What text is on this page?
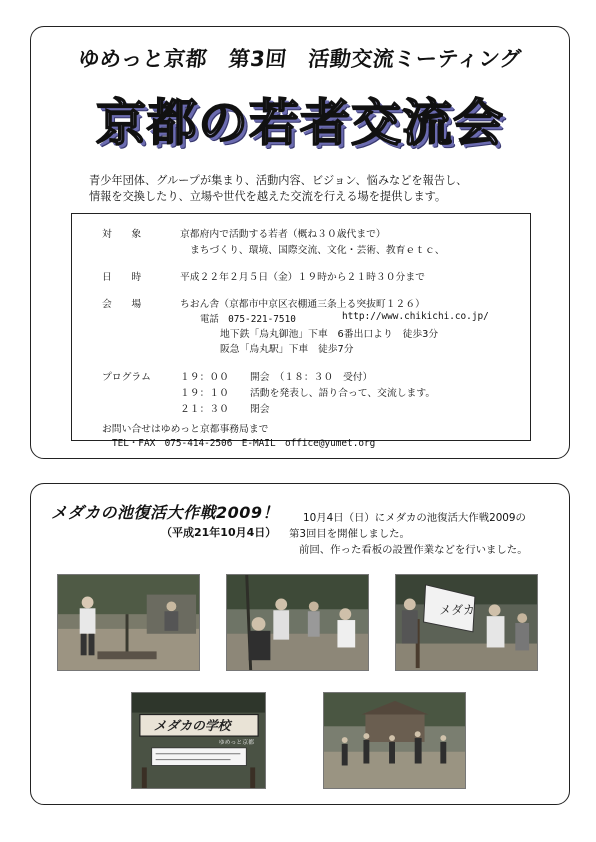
ゆめっと京都　第3回　活動交流ミーティング
京都の若者交流会
青少年団体、グループが集まり、活動内容、ビジョン、悩みなどを報告し、
情報を交換したり、立場や世代を越えた交流を行える場を提供します。
対　　象	京都府内で活動する若者（概ね３０歳代まで）
まちづくり、環境、国際交流、文化・芸術、教育ｅｔｃ、
日　　時	平成２２年２月５日（金）１９時から２１時３０分まで
会　　場	ちおん舎（京都市中京区衣棚通三条上る突抜町１２６）
電話　075-221-7510	http://www.chikichi.co.jp/
地下鉄「烏丸御池」下車　6番出口より　徒歩3分
阪急「烏丸駅」下車　徒歩7分
プログラム	１９：００ 開会　（１８：３０　受付）
１９：１０ 活動を発表し、語り合って、交流します。
２１：３０ 閉会
お問い合せはゆめっと京都事務局まで
TEL・FAX　075-414-2506　E-MAIL　office@yumet.org
メダカの池復活大作戦2009！
（平成21年10月4日）
10月4日（日）にメダカの池復活大作戦2009の
第3回目を開催しました。
前回、作った看板の設置作業などを行いました。
メダカ
メダカの学校
ゆめっと京都
